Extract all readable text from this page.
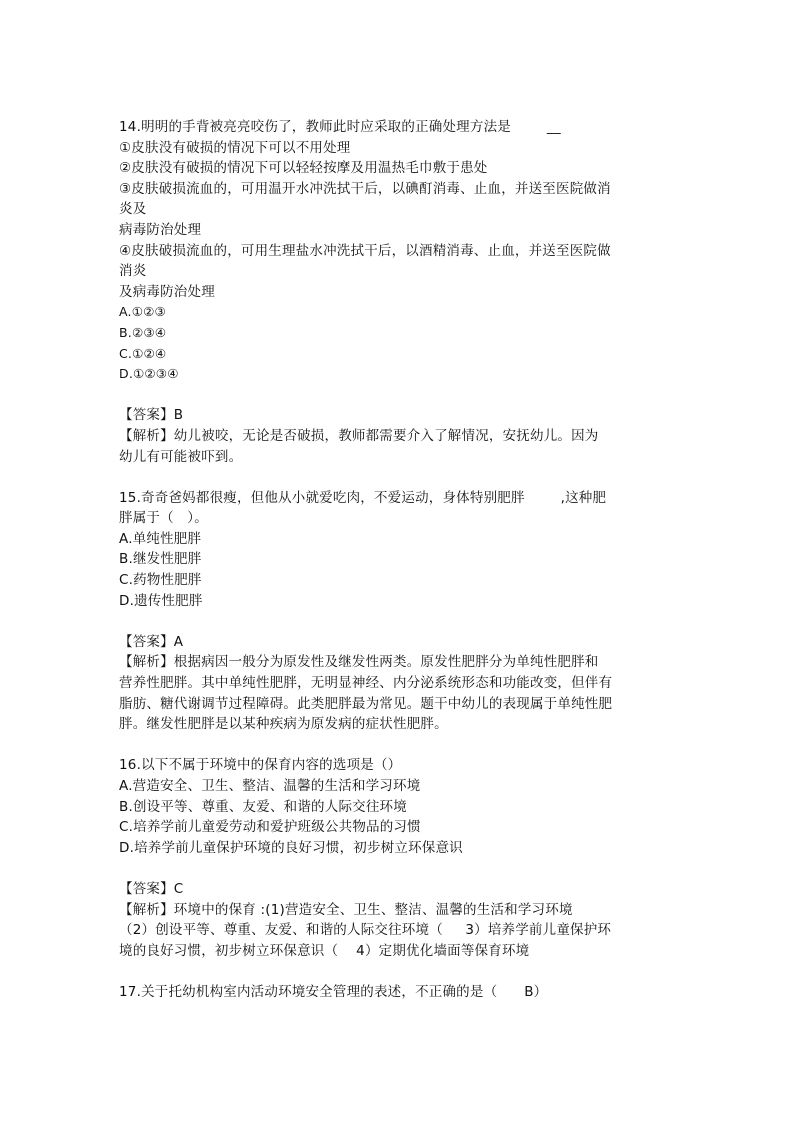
14.明明的手背被亮亮咬伤了，教师此时应采取的正确处理方法是        __
①皮肤没有破损的情况下可以不用处理
②皮肤没有破损的情况下可以轻轻按摩及用温热毛巾敷于患处
③皮肤破损流血的，可用温开水冲洗拭干后，以碘酊消毒、止血，并送至医院做消
炎及
病毒防治处理
④皮肤破损流血的，可用生理盐水冲洗拭干后，以酒精消毒、止血，并送至医院做
消炎
及病毒防治处理
A.①②③
B.②③④
C.①②④
D.①②③④
【答案】B
【解析】幼儿被咬，无论是否破损，教师都需要介入了解情况，安抚幼儿。因为
幼儿有可能被吓到。
15.奇奇爸妈都很瘦，但他从小就爱吃肉，不爱运动，身体特别肥胖        ,这种肥
胖属于（   ）。
A.单纯性肥胖
B.继发性肥胖
C.药物性肥胖
D.遗传性肥胖
【答案】A
【解析】根据病因一般分为原发性及继发性两类。原发性肥胖分为单纯性肥胖和
营养性肥胖。其中单纯性肥胖，无明显神经、内分泌系统形态和功能改变，但伴有
脂肪、糖代谢调节过程障碍。此类肥胖最为常见。题干中幼儿的表现属于单纯性肥
胖。继发性肥胖是以某种疾病为原发病的症状性肥胖。
16.以下不属于环境中的保育内容的选项是（）
A.营造安全、卫生、整洁、温馨的生活和学习环境
B.创设平等、尊重、友爱、和谐的人际交往环境
C.培养学前儿童爱劳动和爱护班级公共物品的习惯
D.培养学前儿童保护环境的良好习惯，初步树立环保意识
【答案】C
【解析】环境中的保育 :(1)营造安全、卫生、整洁、温馨的生活和学习环境
（2）创设平等、尊重、友爱、和谐的人际交往环境（     3）培养学前儿童保护环
境的良好习惯，初步树立环保意识（    4）定期优化墙面等保育环境
17.关于托幼机构室内活动环境安全管理的表述，不正确的是（      B）
